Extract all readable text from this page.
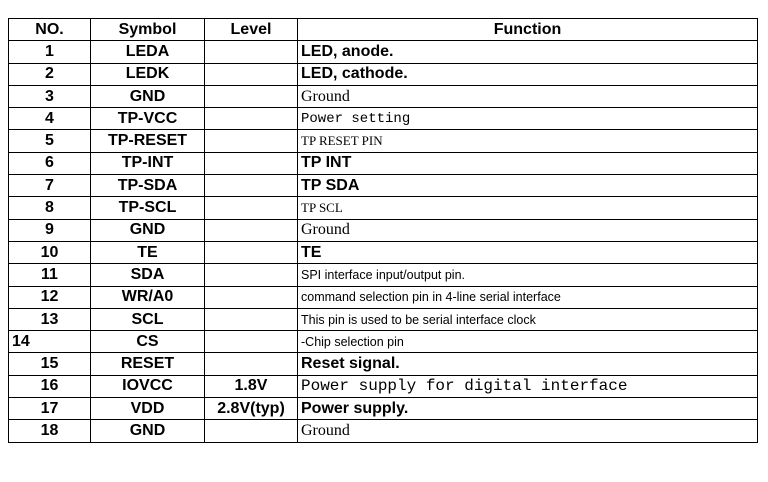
NO.	Symbol	Level	Function
1	LEDA		LED, anode.
2	LEDK		LED, cathode.
3	GND		Ground
4	TP-VCC		Power setting
5	TP-RESET		TP RESET PIN
6	TP-INT		TP INT
7	TP-SDA		TP SDA
8	TP-SCL		TP SCL
9	GND		Ground
10	TE		TE
11	SDA		SPI interface input/output pin.
12	WR/A0		command selection pin in 4-line serial interface
13	SCL		This pin is used to be serial interface clock
14	CS		-Chip selection pin
15	RESET		Reset signal.
16	IOVCC	1.8V	Power supply for digital interface
17	VDD	2.8V(typ)	Power supply.
18	GND		Ground
